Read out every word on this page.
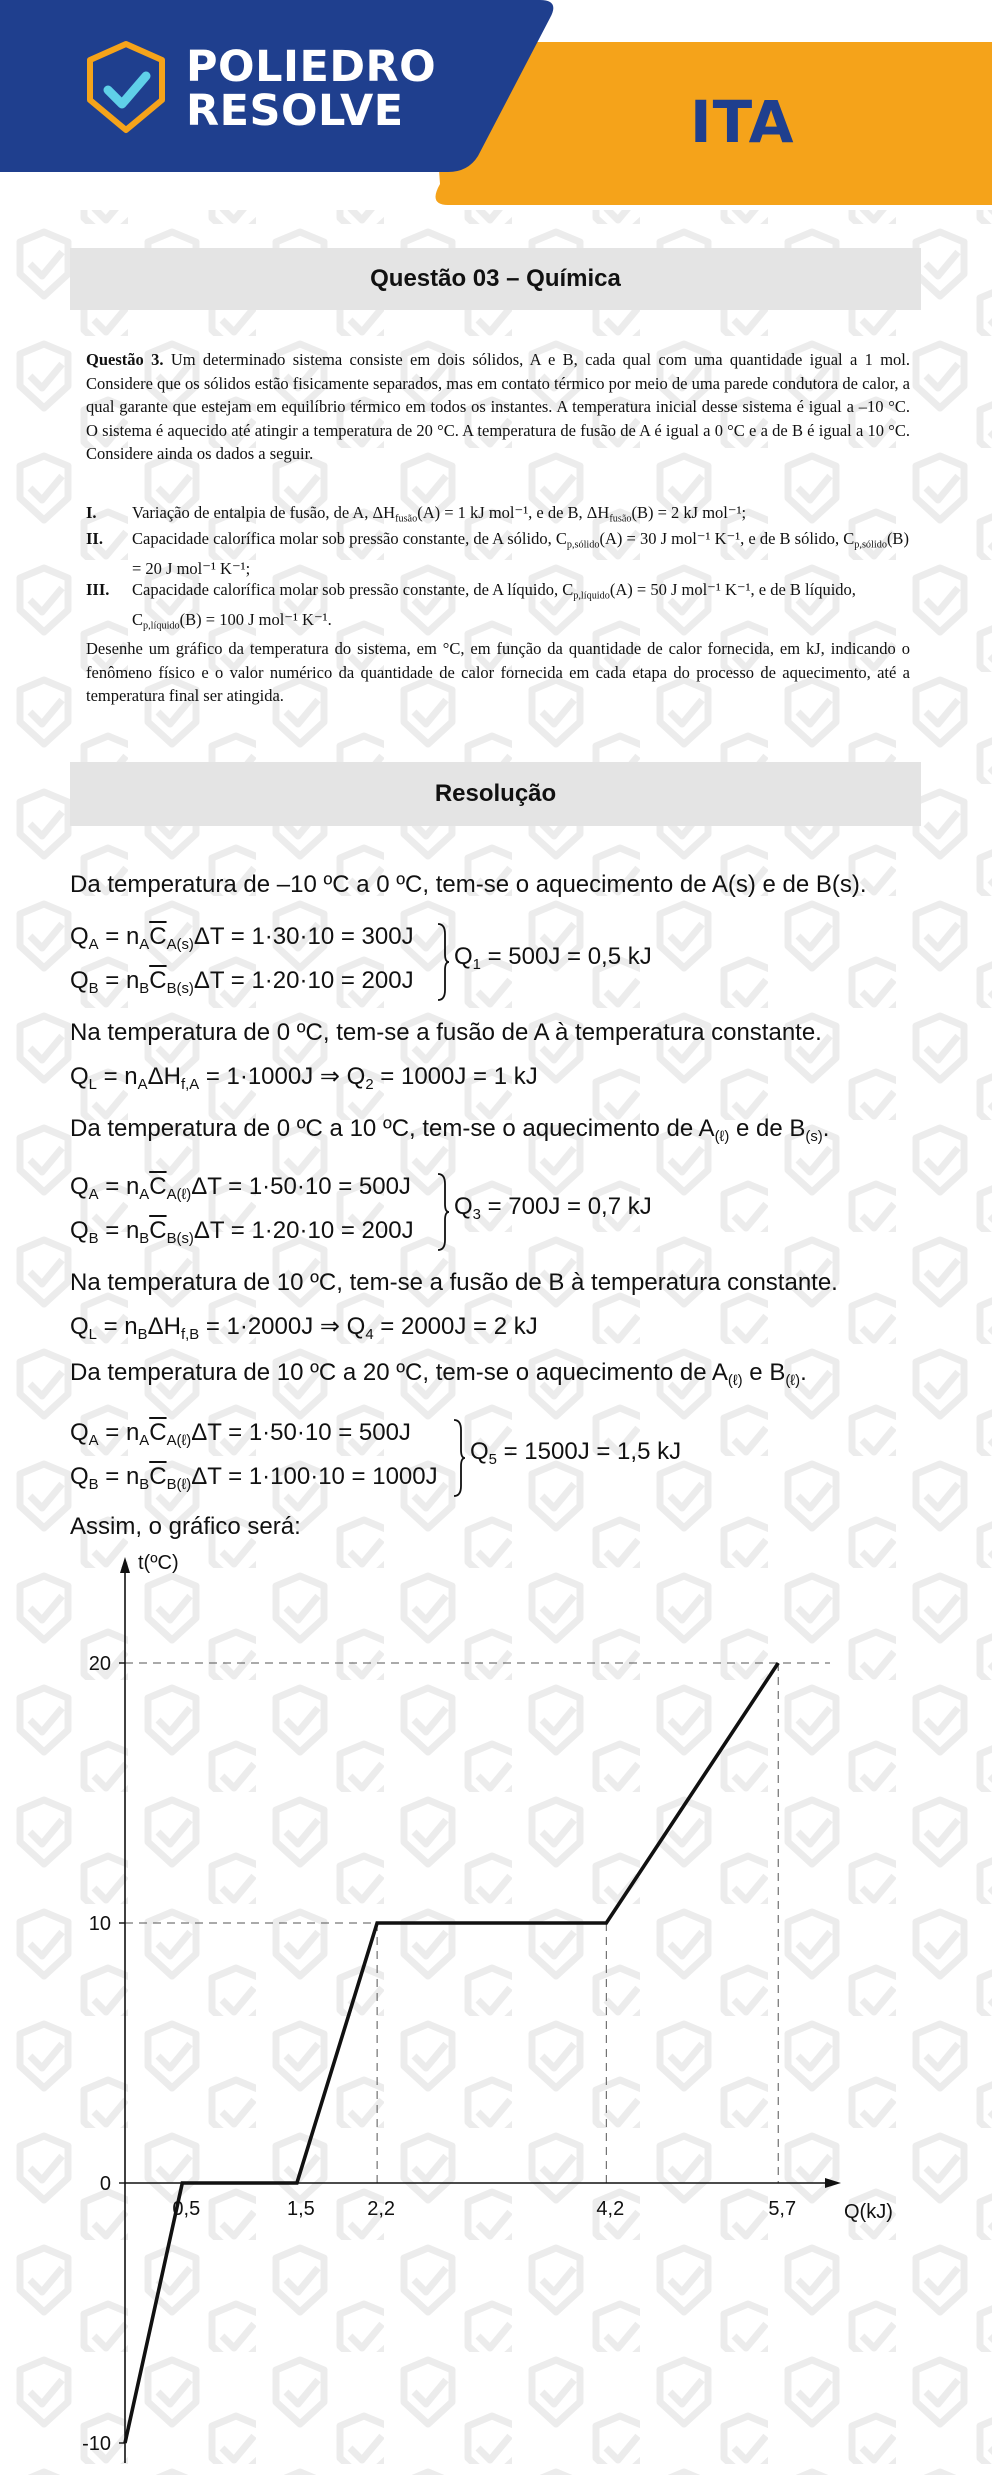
POLIEDRO
RESOLVE	ITA
Questão 03 – Química
Questão 3. Um determinado sistema consiste em dois sólidos, A e B, cada qual com uma quantidade igual a 1 mol. Considere que os sólidos estão fisicamente separados, mas em contato térmico por meio de uma parede condutora de calor, a qual garante que estejam em equilíbrio térmico em todos os instantes. A temperatura inicial desse sistema é igual a –10 °C. O sistema é aquecido até atingir a temperatura de 20 °C. A temperatura de fusão de A é igual a 0 °C e a de B é igual a 10 °C. Considere ainda os dados a seguir.
I. Variação de entalpia de fusão, de A, $\Delta H_{fusão}(A) = 1$ kJ mol⁻¹, e de B, $\Delta H_{fusão}(B) = 2$ kJ mol⁻¹;
II. Capacidade calorífica molar sob pressão constante, de A sólido, $C_{p,sólido}(A) = 30$ J mol⁻¹ K⁻¹, e de B sólido, $C_{p,sólido}(B) = 20$ J mol⁻¹ K⁻¹;
III. Capacidade calorífica molar sob pressão constante, de A líquido, $C_{p,líquido}(A) = 50$ J mol⁻¹ K⁻¹, e de B líquido, $C_{p,líquido}(B) = 100$ J mol⁻¹ K⁻¹.
Desenhe um gráfico da temperatura do sistema, em °C, em função da quantidade de calor fornecida, em kJ, indicando o fenômeno físico e o valor numérico da quantidade de calor fornecida em cada etapa do processo de aquecimento, até a temperatura final ser atingida.
Resolução
Da temperatura de –10 ºC a 0 ºC, tem-se o aquecimento de A(s) e de B(s).
$Q_A = n_A\overline{C}_{A(s)}\Delta T = 1\cdot 30\cdot 10 = 300J$
$Q_B = n_B\overline{C}_{B(s)}\Delta T = 1\cdot 20\cdot 10 = 200J$
$Q_1 = 500J = 0,5$ kJ
Na temperatura de 0 ºC, tem-se a fusão de A à temperatura constante.
$Q_L = n_A\Delta H_{f,A} = 1\cdot 1000J$ ⇒ $Q_2 = 1000J = 1$ kJ
Da temperatura de 0 ºC a 10 ºC, tem-se o aquecimento de $A_{(\ell)}$ e de $B_{(s)}$.
$Q_A = n_A\overline{C}_{A(\ell)}\Delta T = 1\cdot 50\cdot 10 = 500J$
$Q_B = n_B\overline{C}_{B(s)}\Delta T = 1\cdot 20\cdot 10 = 200J$
$Q_3 = 700J = 0,7$ kJ
Na temperatura de 10 ºC, tem-se a fusão de B à temperatura constante.
$Q_L = n_B\Delta H_{f,B} = 1\cdot 2000J$ ⇒ $Q_4 = 2000J = 2$ kJ
Da temperatura de 10 ºC a 20 ºC, tem-se o aquecimento de $A_{(\ell)}$ e $B_{(\ell)}$.
$Q_A = n_A\overline{C}_{A(\ell)}\Delta T = 1\cdot 50\cdot 10 = 500J$
$Q_B = n_B\overline{C}_{B(\ell)}\Delta T = 1\cdot 100\cdot 10 = 1000J$
$Q_5 = 1500J = 1,5$ kJ
Assim, o gráfico será:
0,5	1,5	2,2	4,2	5,7
20
10
0
-10
t(ºC)
Q(kJ)
